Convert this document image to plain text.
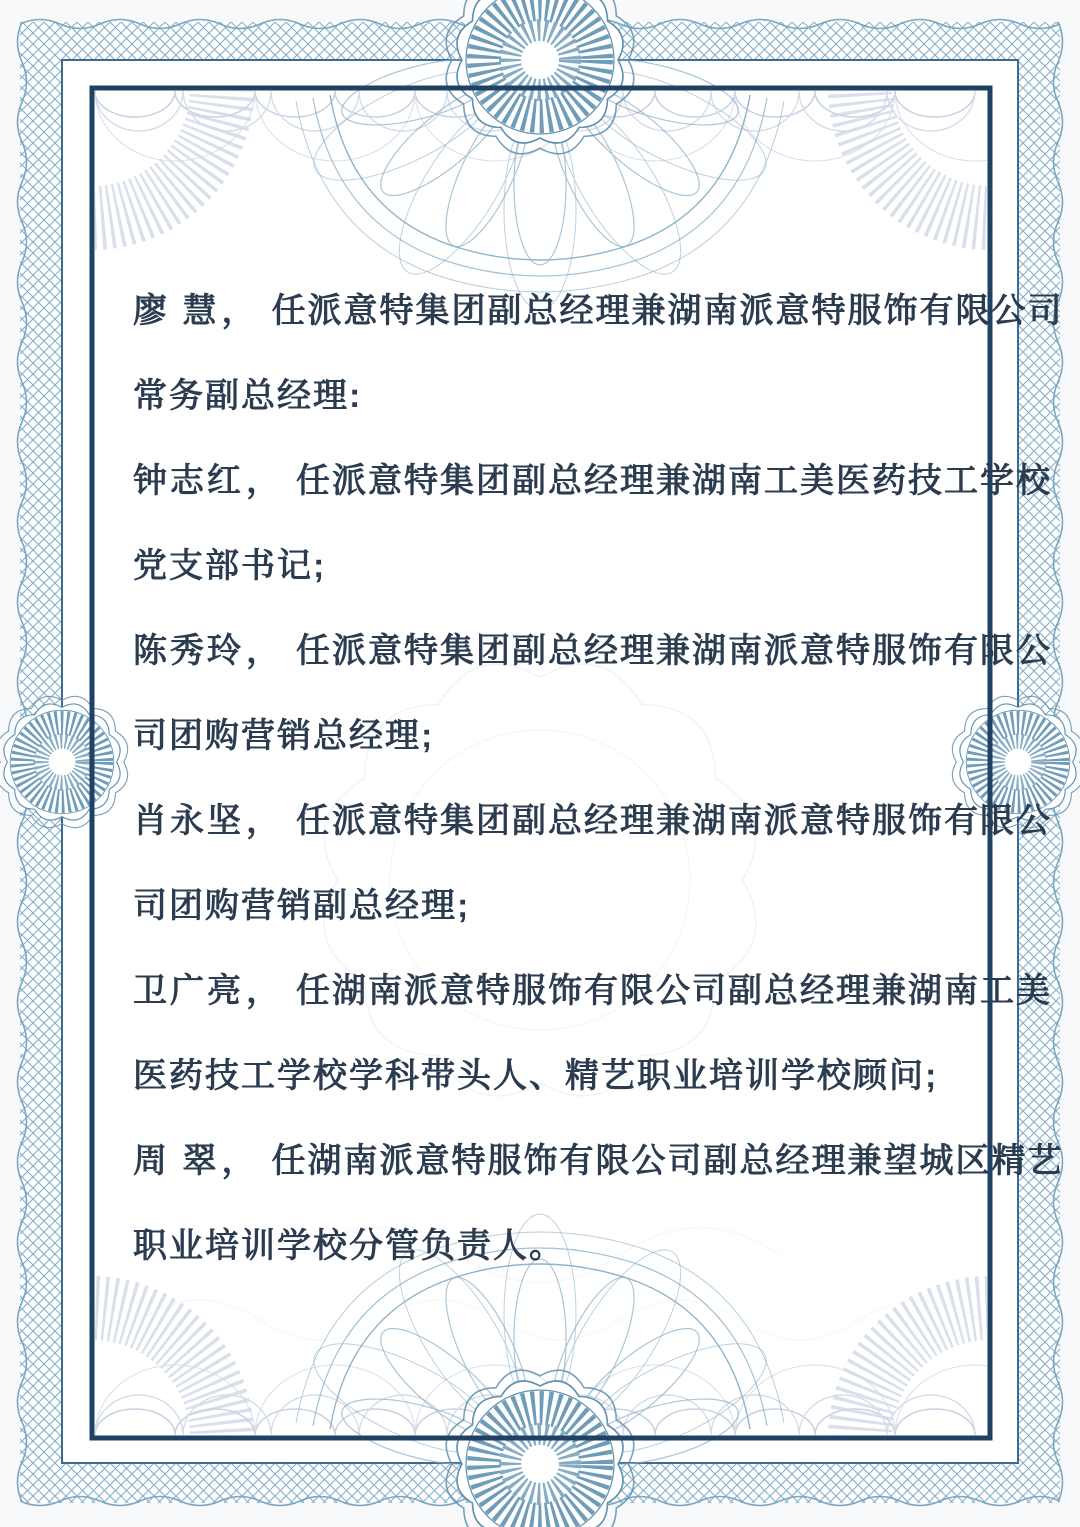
廖 慧 ， 任派意特集团副总经理兼湖南派意特服饰有限公司
常务副总经理:
钟志红 ， 任派意特集团副总经理兼湖南工美医药技工学校
党支部书记;
陈秀玲 ， 任派意特集团副总经理兼湖南派意特服饰有限公
司团购营销总经理;
肖永坚 ， 任派意特集团副总经理兼湖南派意特服饰有限公
司团购营销副总经理;
卫广亮 ， 任湖南派意特服饰有限公司副总经理兼湖南工美
医药技工学校学科带头人、精艺职业培训学校顾问;
周 翠 ， 任湖南派意特服饰有限公司副总经理兼望城区精艺
职业培训学校分管负责人。
